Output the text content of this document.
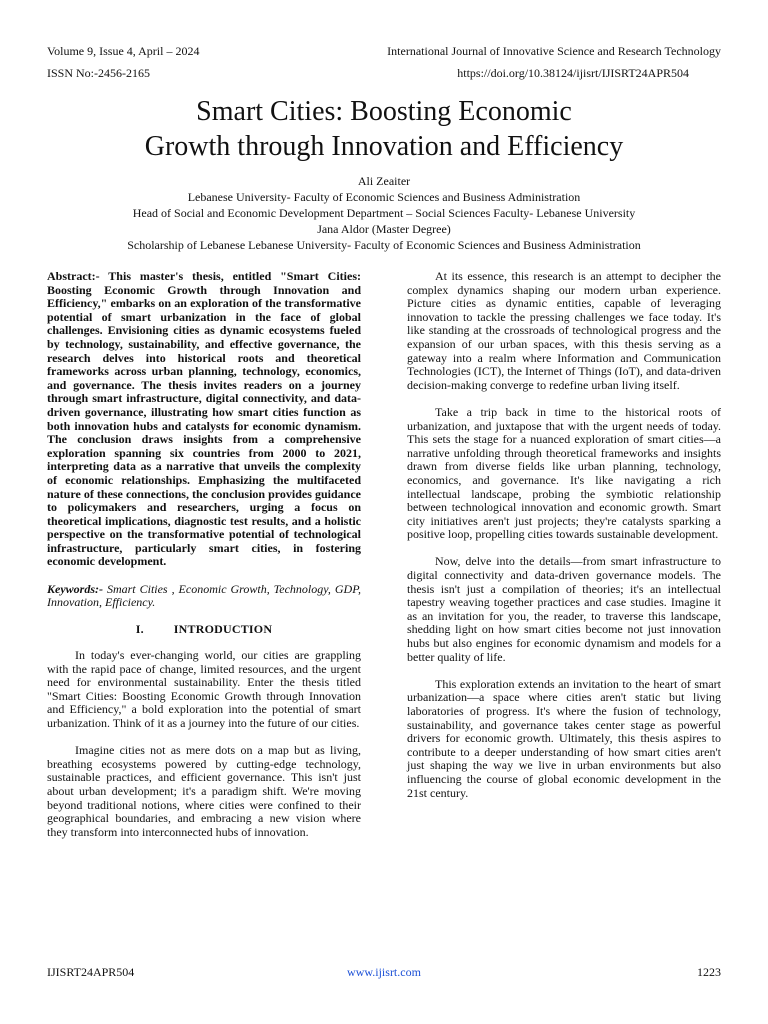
Volume 9, Issue 4, April – 2024	International Journal of Innovative Science and Research Technology
ISSN No:-2456-2165	https://doi.org/10.38124/ijisrt/IJISRT24APR504
Smart Cities: Boosting Economic
Growth through Innovation and Efficiency
Ali Zeaiter
Lebanese University- Faculty of Economic Sciences and Business Administration
Head of Social and Economic Development Department – Social Sciences Faculty- Lebanese University
Jana Aldor (Master Degree)
Scholarship of Lebanese Lebanese University- Faculty of Economic Sciences and Business Administration

Abstract:- This master's thesis, entitled "Smart Cities: Boosting Economic Growth through Innovation and Efficiency," embarks on an exploration of the transformative potential of smart urbanization in the face of global challenges. Envisioning cities as dynamic ecosystems fueled by technology, sustainability, and effective governance, the research delves into historical roots and theoretical frameworks across urban planning, technology, economics, and governance. The thesis invites readers on a journey through smart infrastructure, digital connectivity, and data-driven governance, illustrating how smart cities function as both innovation hubs and catalysts for economic dynamism. The conclusion draws insights from a comprehensive exploration spanning six countries from 2000 to 2021, interpreting data as a narrative that unveils the complexity of economic relationships. Emphasizing the multifaceted nature of these connections, the conclusion provides guidance to policymakers and researchers, urging a focus on theoretical implications, diagnostic test results, and a holistic perspective on the transformative potential of technological infrastructure, particularly smart cities, in fostering economic development.

Keywords:- Smart Cities , Economic Growth, Technology, GDP, Innovation, Efficiency.

I. INTRODUCTION

In today's ever-changing world, our cities are grappling with the rapid pace of change, limited resources, and the urgent need for environmental sustainability. Enter the thesis titled "Smart Cities: Boosting Economic Growth through Innovation and Efficiency," a bold exploration into the potential of smart urbanization. Think of it as a journey into the future of our cities.

Imagine cities not as mere dots on a map but as living, breathing ecosystems powered by cutting-edge technology, sustainable practices, and efficient governance. This isn't just about urban development; it's a paradigm shift. We're moving beyond traditional notions, where cities were confined to their geographical boundaries, and embracing a new vision where they transform into interconnected hubs of innovation.

At its essence, this research is an attempt to decipher the complex dynamics shaping our modern urban experience. Picture cities as dynamic entities, capable of leveraging innovation to tackle the pressing challenges we face today. It's like standing at the crossroads of technological progress and the expansion of our urban spaces, with this thesis serving as a gateway into a realm where Information and Communication Technologies (ICT), the Internet of Things (IoT), and data-driven decision-making converge to redefine urban living itself.

Take a trip back in time to the historical roots of urbanization, and juxtapose that with the urgent needs of today. This sets the stage for a nuanced exploration of smart cities—a narrative unfolding through theoretical frameworks and insights drawn from diverse fields like urban planning, technology, economics, and governance. It's like navigating a rich intellectual landscape, probing the symbiotic relationship between technological innovation and economic growth. Smart city initiatives aren't just projects; they're catalysts sparking a positive loop, propelling cities towards sustainable development.

Now, delve into the details—from smart infrastructure to digital connectivity and data-driven governance models. The thesis isn't just a compilation of theories; it's an intellectual tapestry weaving together practices and case studies. Imagine it as an invitation for you, the reader, to traverse this landscape, shedding light on how smart cities become not just innovation hubs but also engines for economic dynamism and models for a better quality of life.

This exploration extends an invitation to the heart of smart urbanization—a space where cities aren't static but living laboratories of progress. It's where the fusion of technology, sustainability, and governance takes center stage as powerful drivers for economic growth. Ultimately, this thesis aspires to contribute to a deeper understanding of how smart cities aren't just shaping the way we live in urban environments but also influencing the course of global economic development in the 21st century.

IJISRT24APR504	www.ijisrt.com	1223
